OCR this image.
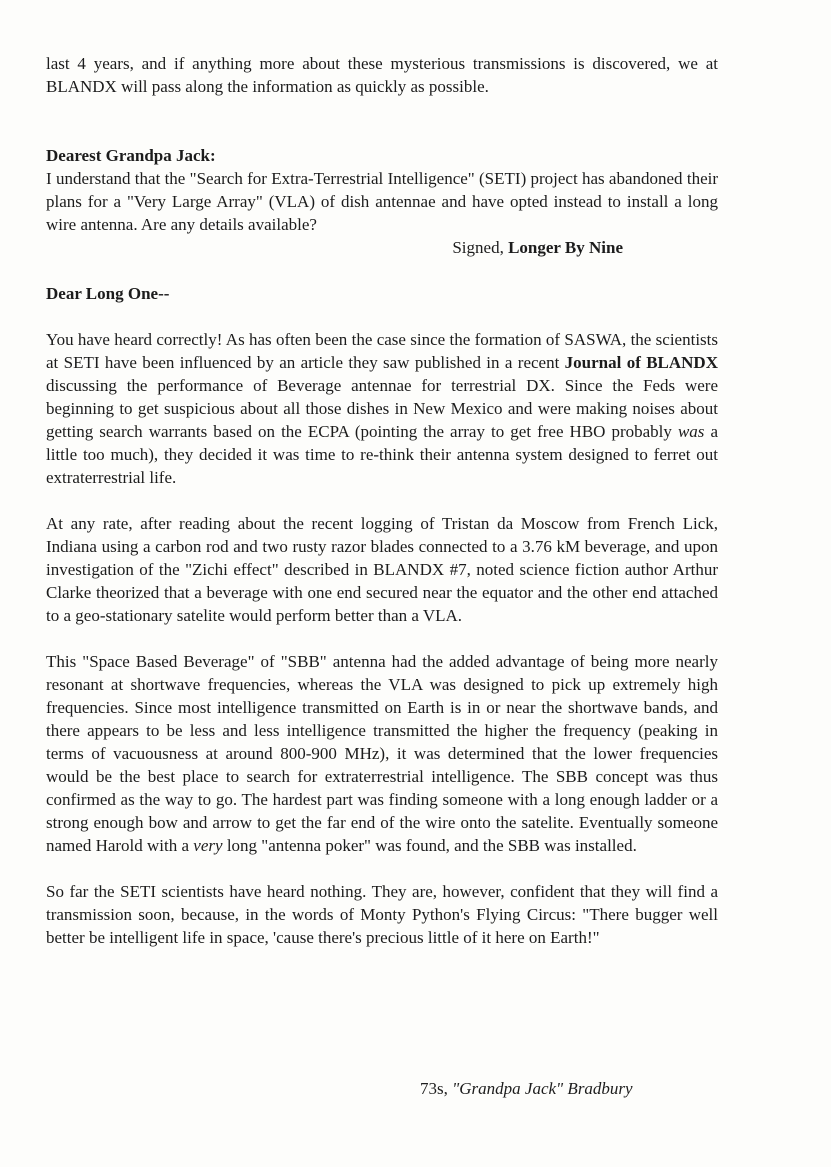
last 4 years, and if anything more about these mysterious transmissions is discovered, we at BLANDX will pass along the information as quickly as possible.

Dearest Grandpa Jack:

I understand that the "Search for Extra-Terrestrial Intelligence" (SETI) project has abandoned their plans for a "Very Large Array" (VLA) of dish antennae and have opted instead to install a long wire antenna. Are any details available?

Signed, Longer By Nine

Dear Long One--

You have heard correctly! As has often been the case since the formation of SASWA, the scientists at SETI have been influenced by an article they saw published in a recent Journal of BLANDX discussing the performance of Beverage antennae for terrestrial DX. Since the Feds were beginning to get suspicious about all those dishes in New Mexico and were making noises about getting search warrants based on the ECPA (pointing the array to get free HBO probably was a little too much), they decided it was time to re-think their antenna system designed to ferret out extraterrestrial life.

At any rate, after reading about the recent logging of Tristan da Moscow from French Lick, Indiana using a carbon rod and two rusty razor blades connected to a 3.76 kM beverage, and upon investigation of the "Zichi effect" described in BLANDX #7, noted science fiction author Arthur Clarke theorized that a beverage with one end secured near the equator and the other end attached to a geo-stationary satelite would perform better than a VLA.

This "Space Based Beverage" of "SBB" antenna had the added advantage of being more nearly resonant at shortwave frequencies, whereas the VLA was designed to pick up extremely high frequencies. Since most intelligence transmitted on Earth is in or near the shortwave bands, and there appears to be less and less intelligence transmitted the higher the frequency (peaking in terms of vacuousness at around 800-900 MHz), it was determined that the lower frequencies would be the best place to search for extraterrestrial intelligence. The SBB concept was thus confirmed as the way to go. The hardest part was finding someone with a long enough ladder or a strong enough bow and arrow to get the far end of the wire onto the satelite. Eventually someone named Harold with a very long "antenna poker" was found, and the SBB was installed.

So far the SETI scientists have heard nothing. They are, however, confident that they will find a transmission soon, because, in the words of Monty Python's Flying Circus: "There bugger well better be intelligent life in space, 'cause there's precious little of it here on Earth!"

73s, "Grandpa Jack" Bradbury
